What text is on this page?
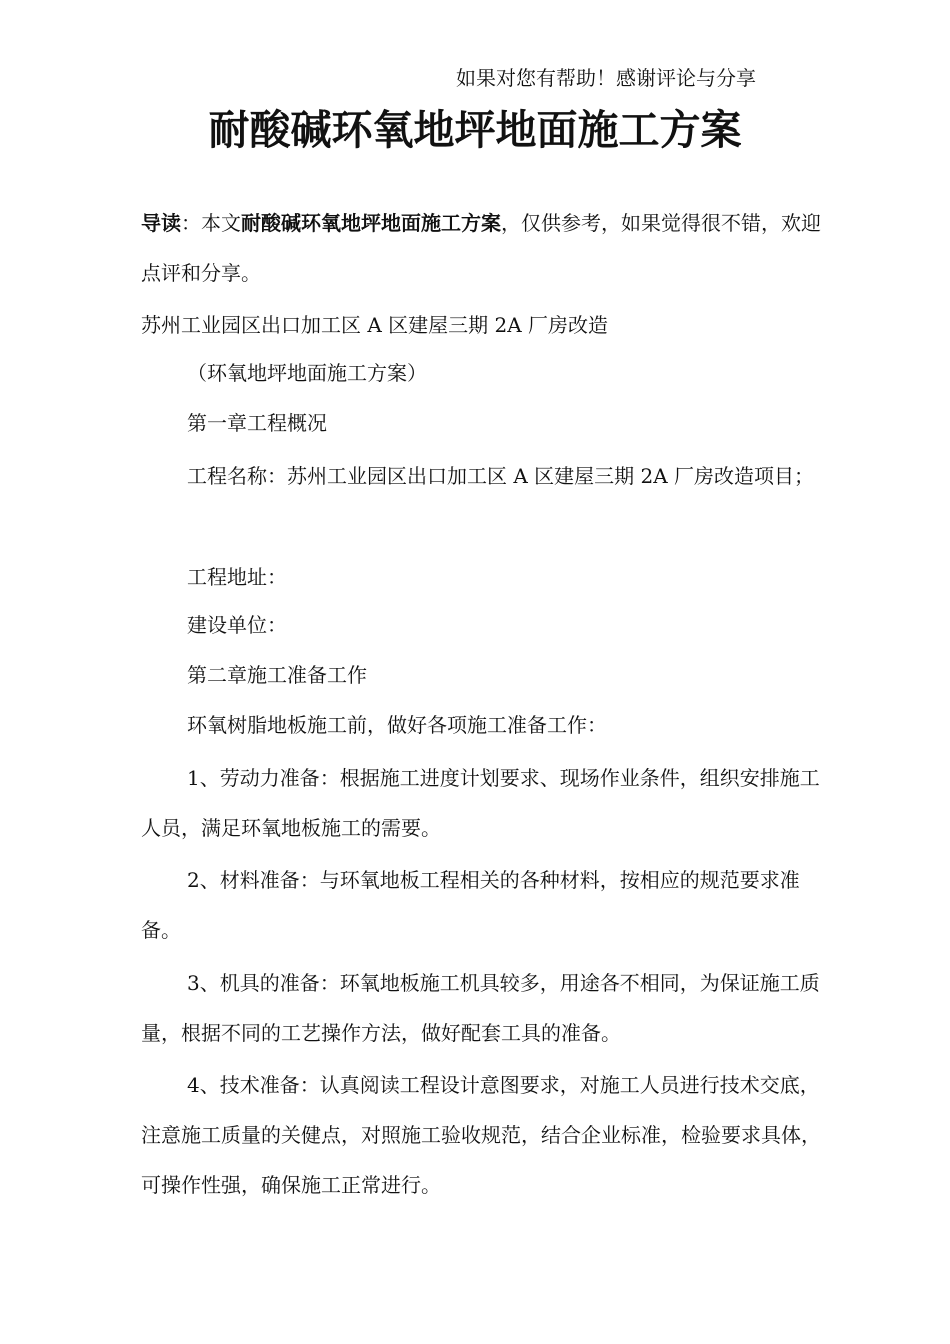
如果对您有帮助！感谢评论与分享
耐酸碱环氧地坪地面施工方案

导读：本文耐酸碱环氧地坪地面施工方案，仅供参考，如果觉得很不错，欢迎点评和分享。

苏州工业园区出口加工区 A 区建屋三期 2A 厂房改造

（环氧地坪地面施工方案）

第一章工程概况

工程名称：苏州工业园区出口加工区 A 区建屋三期 2A 厂房改造项目；

工程地址：

建设单位：

第二章施工准备工作

环氧树脂地板施工前，做好各项施工准备工作：

1、劳动力准备：根据施工进度计划要求、现场作业条件，组织安排施工人员，满足环氧地板施工的需要。

2、材料准备：与环氧地板工程相关的各种材料，按相应的规范要求准备。

3、机具的准备：环氧地板施工机具较多，用途各不相同，为保证施工质量，根据不同的工艺操作方法，做好配套工具的准备。

4、技术准备：认真阅读工程设计意图要求，对施工人员进行技术交底，注意施工质量的关健点，对照施工验收规范，结合企业标准，检验要求具体，可操作性强，确保施工正常进行。
